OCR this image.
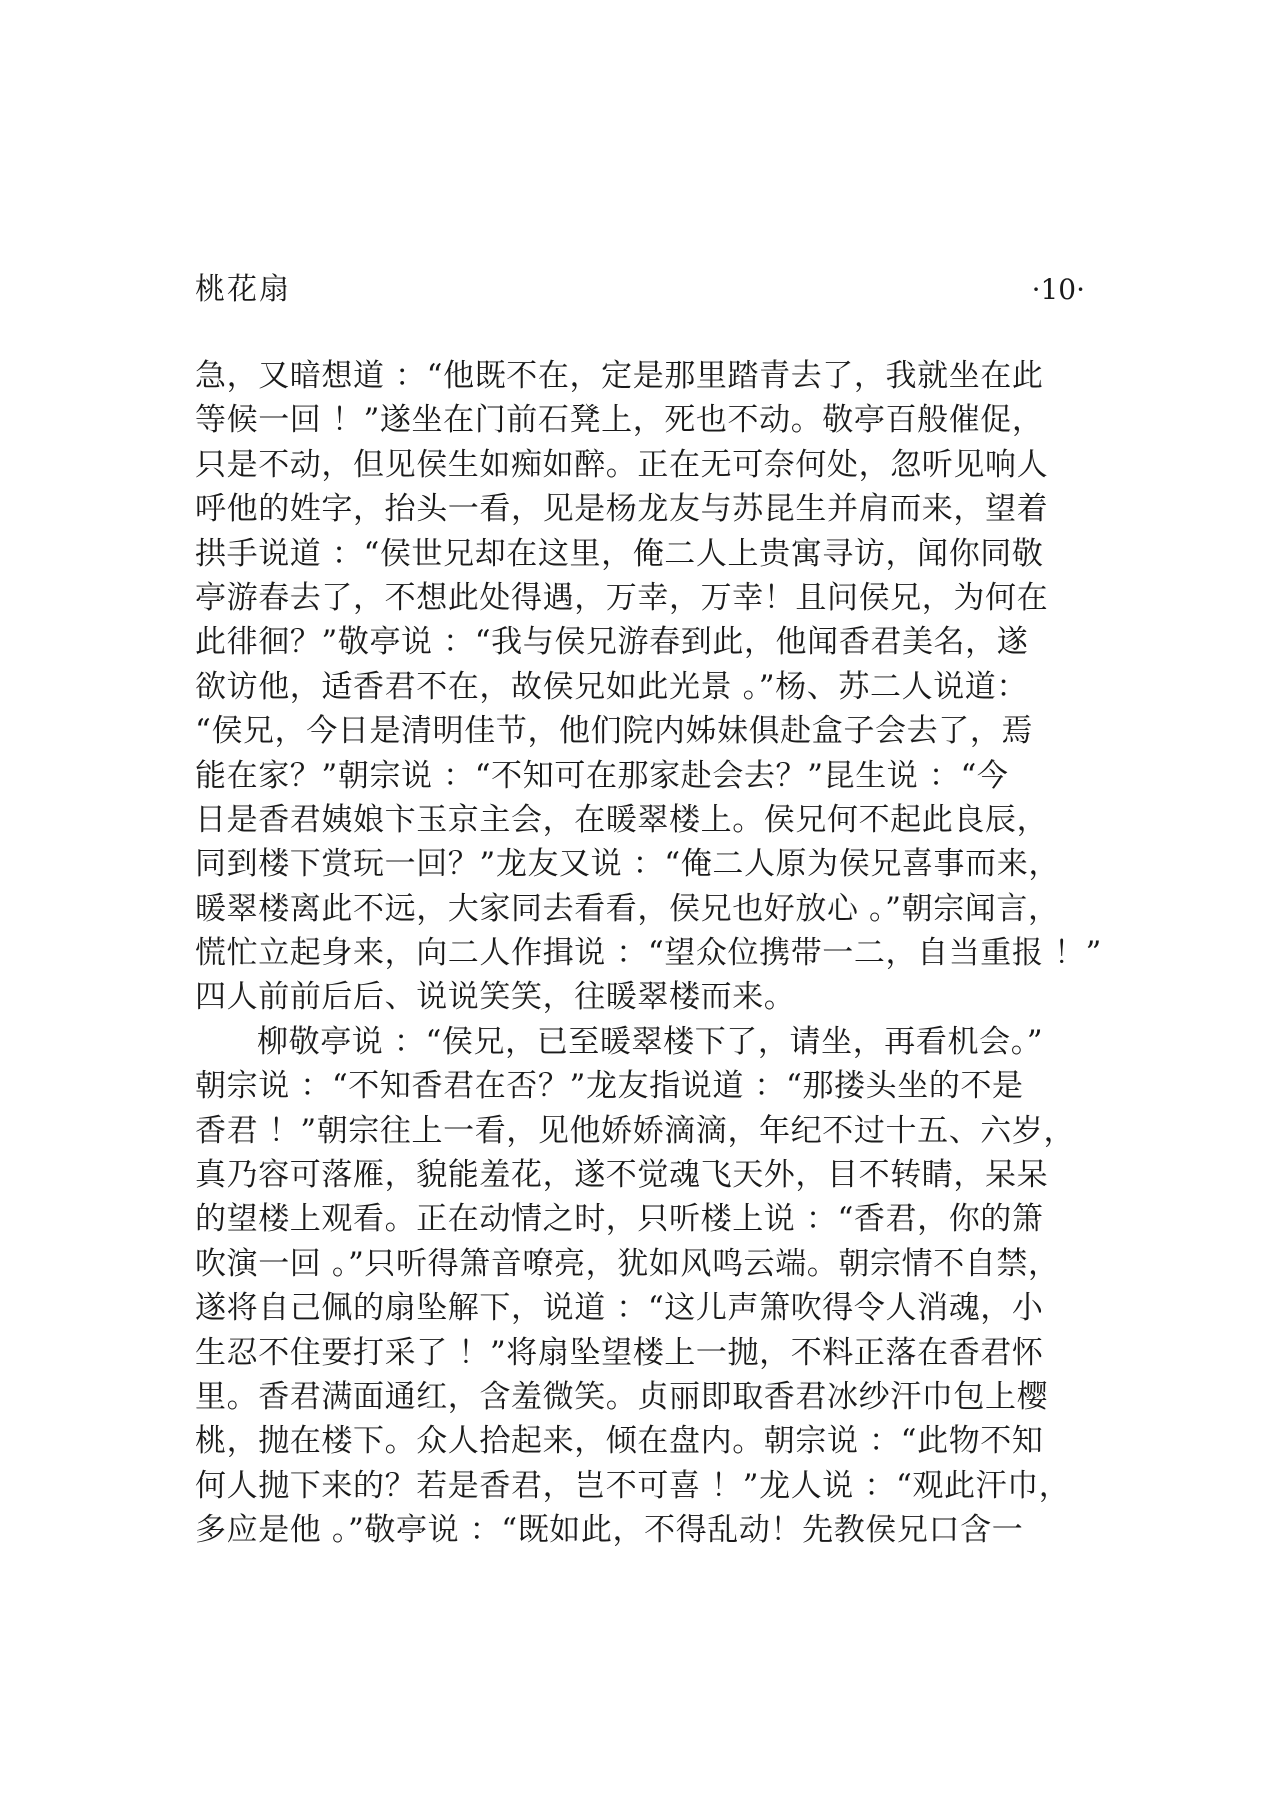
桃花扇	·10·
急，又暗想道 ：“他既不在，定是那里踏青去了，我就坐在此
等候一回 ！”遂坐在门前石凳上，死也不动。敬亭百般催促，
只是不动，但见侯生如痴如醉。正在无可奈何处，忽听见响人
呼他的姓字，抬头一看，见是杨龙友与苏昆生并肩而来，望着
拱手说道 ：“侯世兄却在这里，俺二人上贵寓寻访，闻你同敬
亭游春去了，不想此处得遇，万幸，万幸！且问侯兄，为何在
此徘徊？”敬亭说 ：“我与侯兄游春到此，他闻香君美名，遂
欲访他，适香君不在，故侯兄如此光景 。”杨、苏二人说道：
“侯兄，今日是清明佳节，他们院内姊妹俱赴盒子会去了，焉
能在家？”朝宗说 ：“不知可在那家赴会去？”昆生说 ：“今
日是香君姨娘卞玉京主会，在暖翠楼上。侯兄何不起此良辰，
同到楼下赏玩一回？”龙友又说 ：“俺二人原为侯兄喜事而来，
暖翠楼离此不远，大家同去看看，侯兄也好放心 。”朝宗闻言，
慌忙立起身来，向二人作揖说 ：“望众位携带一二，自当重报 ！”
四人前前后后、说说笑笑，往暖翠楼而来。
柳敬亭说 ：“侯兄，已至暖翠楼下了，请坐，再看机会。”
朝宗说 ：“不知香君在否？”龙友指说道 ：“那搂头坐的不是
香君 ！”朝宗往上一看，见他娇娇滴滴，年纪不过十五、六岁，
真乃容可落雁，貌能羞花，遂不觉魂飞天外，目不转睛，呆呆
的望楼上观看。正在动情之时，只听楼上说 ：“香君，你的箫
吹演一回 。”只听得箫音嘹亮，犹如风鸣云端。朝宗情不自禁，
遂将自己佩的扇坠解下，说道 ：“这儿声箫吹得令人消魂，小
生忍不住要打采了 ！”将扇坠望楼上一抛，不料正落在香君怀
里。香君满面通红，含羞微笑。贞丽即取香君冰纱汗巾包上樱
桃，抛在楼下。众人拾起来，倾在盘内。朝宗说 ：“此物不知
何人抛下来的？若是香君，岂不可喜 ！”龙人说 ：“观此汗巾，
多应是他 。”敬亭说 ：“既如此，不得乱动！先教侯兄口含一
